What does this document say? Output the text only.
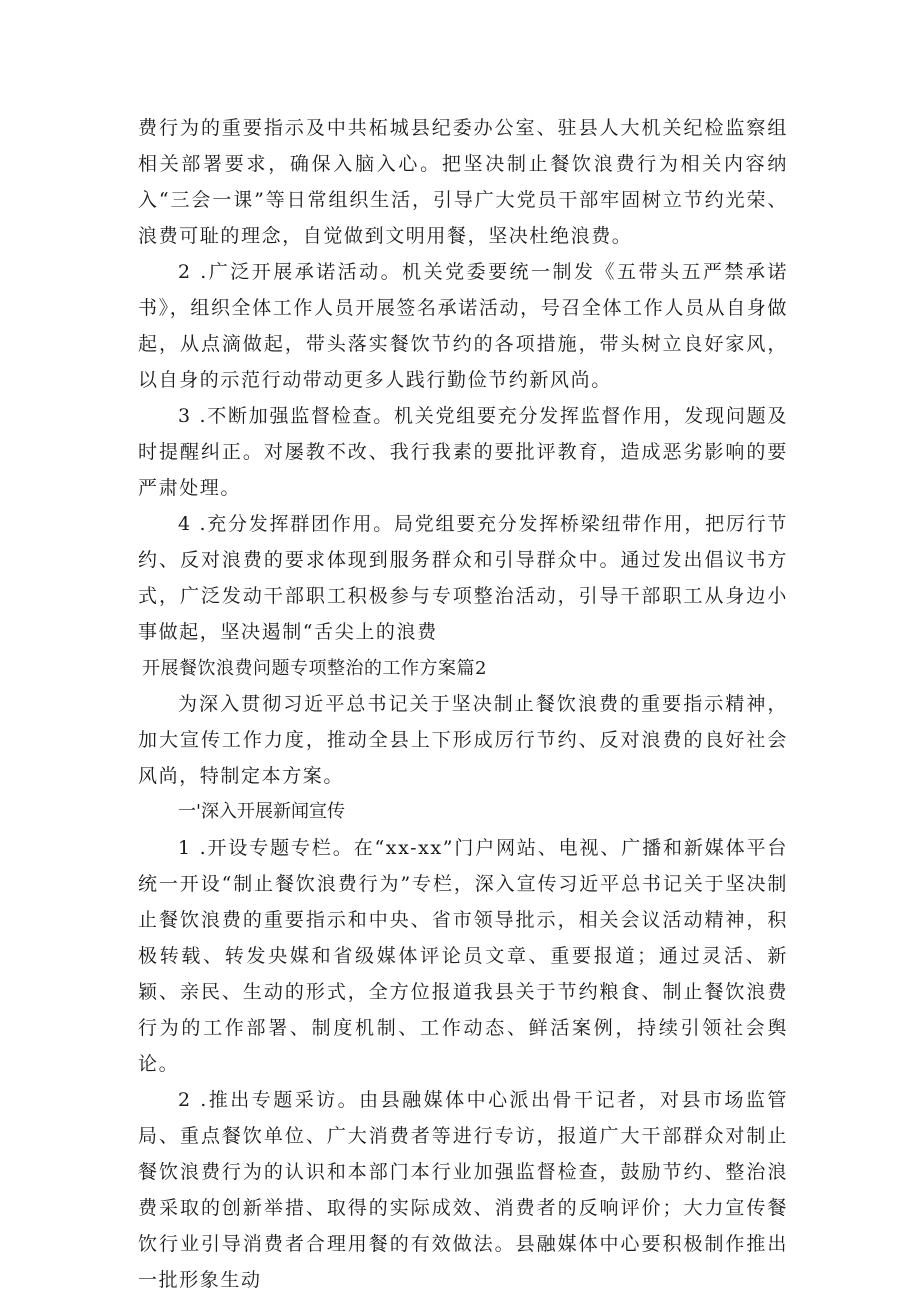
费行为的重要指示及中共柘城县纪委办公室、驻县人大机关纪检监察组相关部署要求，确保入脑入心。把坚决制止餐饮浪费行为相关内容纳入“三会一课”等日常组织生活，引导广大党员干部牢固树立节约光荣、浪费可耻的理念，自觉做到文明用餐，坚决杜绝浪费。

2 .广泛开展承诺活动。机关党委要统一制发《五带头五严禁承诺书》，组织全体工作人员开展签名承诺活动，号召全体工作人员从自身做起，从点滴做起，带头落实餐饮节约的各项措施，带头树立良好家风，以自身的示范行动带动更多人践行勤俭节约新风尚。

3 .不断加强监督检查。机关党组要充分发挥监督作用，发现问题及时提醒纠正。对屡教不改、我行我素的要批评教育，造成恶劣影响的要严肃处理。

4 .充分发挥群团作用。局党组要充分发挥桥梁纽带作用，把厉行节约、反对浪费的要求体现到服务群众和引导群众中。通过发出倡议书方式，广泛发动干部职工积极参与专项整治活动，引导干部职工从身边小事做起，坚决遏制“舌尖上的浪费

开展餐饮浪费问题专项整治的工作方案篇2

为深入贯彻习近平总书记关于坚决制止餐饮浪费的重要指示精神，加大宣传工作力度，推动全县上下形成厉行节约、反对浪费的良好社会风尚，特制定本方案。

一'深入开展新闻宣传

1 .开设专题专栏。在“xx-xx”门户网站、电视、广播和新媒体平台统一开设“制止餐饮浪费行为”专栏，深入宣传习近平总书记关于坚决制止餐饮浪费的重要指示和中央、省市领导批示，相关会议活动精神，积极转载、转发央媒和省级媒体评论员文章、重要报道；通过灵活、新颖、亲民、生动的形式，全方位报道我县关于节约粮食、制止餐饮浪费行为的工作部署、制度机制、工作动态、鲜活案例，持续引领社会舆论。

2 .推出专题采访。由县融媒体中心派出骨干记者，对县市场监管局、重点餐饮单位、广大消费者等进行专访，报道广大干部群众对制止餐饮浪费行为的认识和本部门本行业加强监督检查，鼓励节约、整治浪费采取的创新举措、取得的实际成效、消费者的反响评价；大力宣传餐饮行业引导消费者合理用餐的有效做法。县融媒体中心要积极制作推出一批形象生动
